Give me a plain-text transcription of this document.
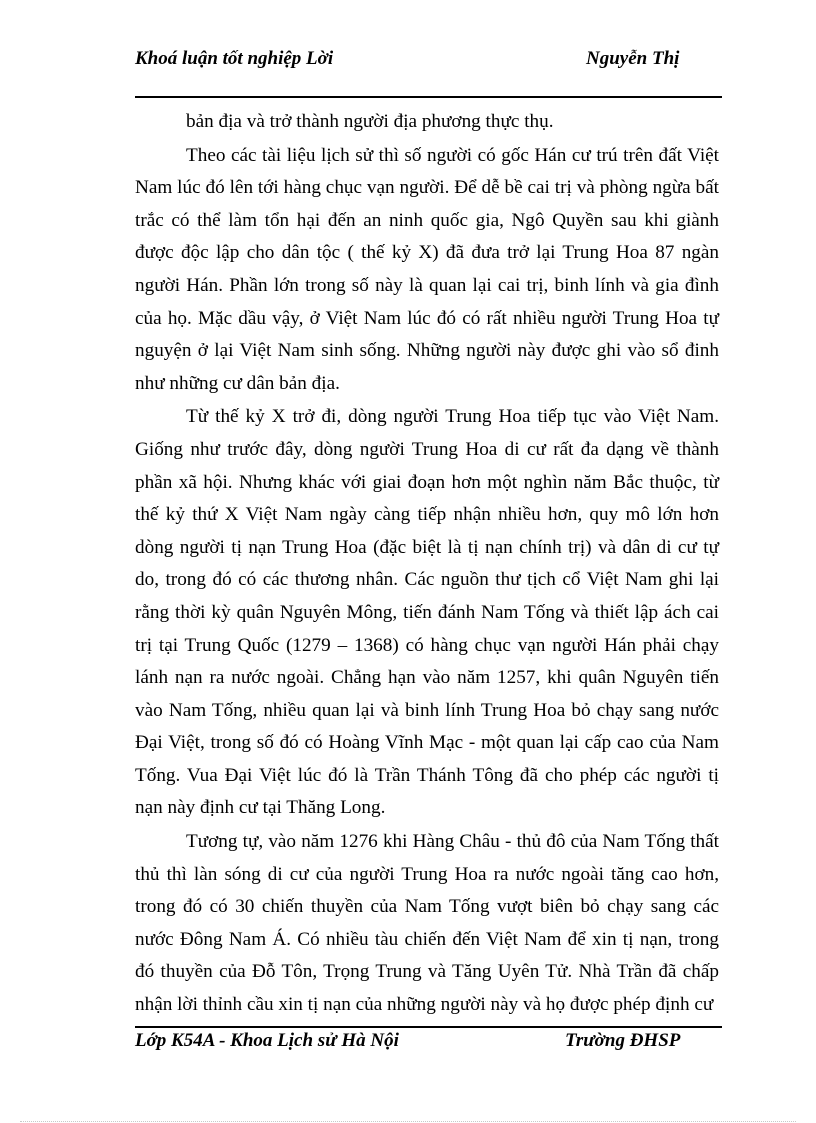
Khoá luận tốt nghiệp Lời	Nguyễn Thị

bản địa và trở thành người địa phương thực thụ.

Theo các tài liệu lịch sử thì số người có gốc Hán cư trú trên đất Việt Nam lúc đó lên tới hàng chục vạn người. Để dễ bề cai trị và phòng ngừa bất trắc có thể làm tổn hại đến an ninh quốc gia, Ngô Quyền sau khi giành được độc lập cho dân tộc ( thế kỷ X) đã đưa trở lại Trung Hoa 87 ngàn người Hán. Phần lớn trong số này là quan lại cai trị, binh lính và gia đình của họ. Mặc dầu vậy, ở Việt Nam lúc đó có rất nhiều người Trung Hoa tự nguyện ở lại Việt Nam sinh sống. Những người này được ghi vào sổ đinh như những cư dân bản địa.

Từ thế kỷ X trở đi, dòng người Trung Hoa tiếp tục vào Việt Nam. Giống như trước đây, dòng người Trung Hoa di cư rất đa dạng về thành phần xã hội. Nhưng khác với giai đoạn hơn một nghìn năm Bắc thuộc, từ thế kỷ thứ X Việt Nam ngày càng tiếp nhận nhiều hơn, quy mô lớn hơn dòng người tị nạn Trung Hoa (đặc biệt là tị nạn chính trị) và dân di cư tự do, trong đó có các thương nhân. Các nguồn thư tịch cổ Việt Nam ghi lại rằng thời kỳ quân Nguyên Mông, tiến đánh Nam Tống và thiết lập ách cai trị tại Trung Quốc (1279 – 1368) có hàng chục vạn người Hán phải chạy lánh nạn ra nước ngoài. Chẳng hạn vào năm 1257, khi quân Nguyên tiến vào Nam Tống, nhiều quan lại và binh lính Trung Hoa bỏ chạy sang nước Đại Việt, trong số đó có Hoàng Vĩnh Mạc - một quan lại cấp cao của Nam Tống. Vua Đại Việt lúc đó là Trần Thánh Tông đã cho phép các người tị nạn này định cư tại Thăng Long.

Tương tự, vào năm 1276 khi Hàng Châu - thủ đô của Nam Tống thất thủ thì làn sóng di cư của người Trung Hoa ra nước ngoài tăng cao hơn, trong đó có 30 chiến thuyền của Nam Tống vượt biên bỏ chạy sang các nước Đông Nam Á. Có nhiều tàu chiến đến Việt Nam để xin tị nạn, trong đó thuyền của Đỗ Tôn, Trọng Trung và Tăng Uyên Tử. Nhà Trần đã chấp nhận lời thỉnh cầu xin tị nạn của những người này và họ được phép định cư

Lớp K54A - Khoa Lịch sử Hà Nội	Trường ĐHSP
